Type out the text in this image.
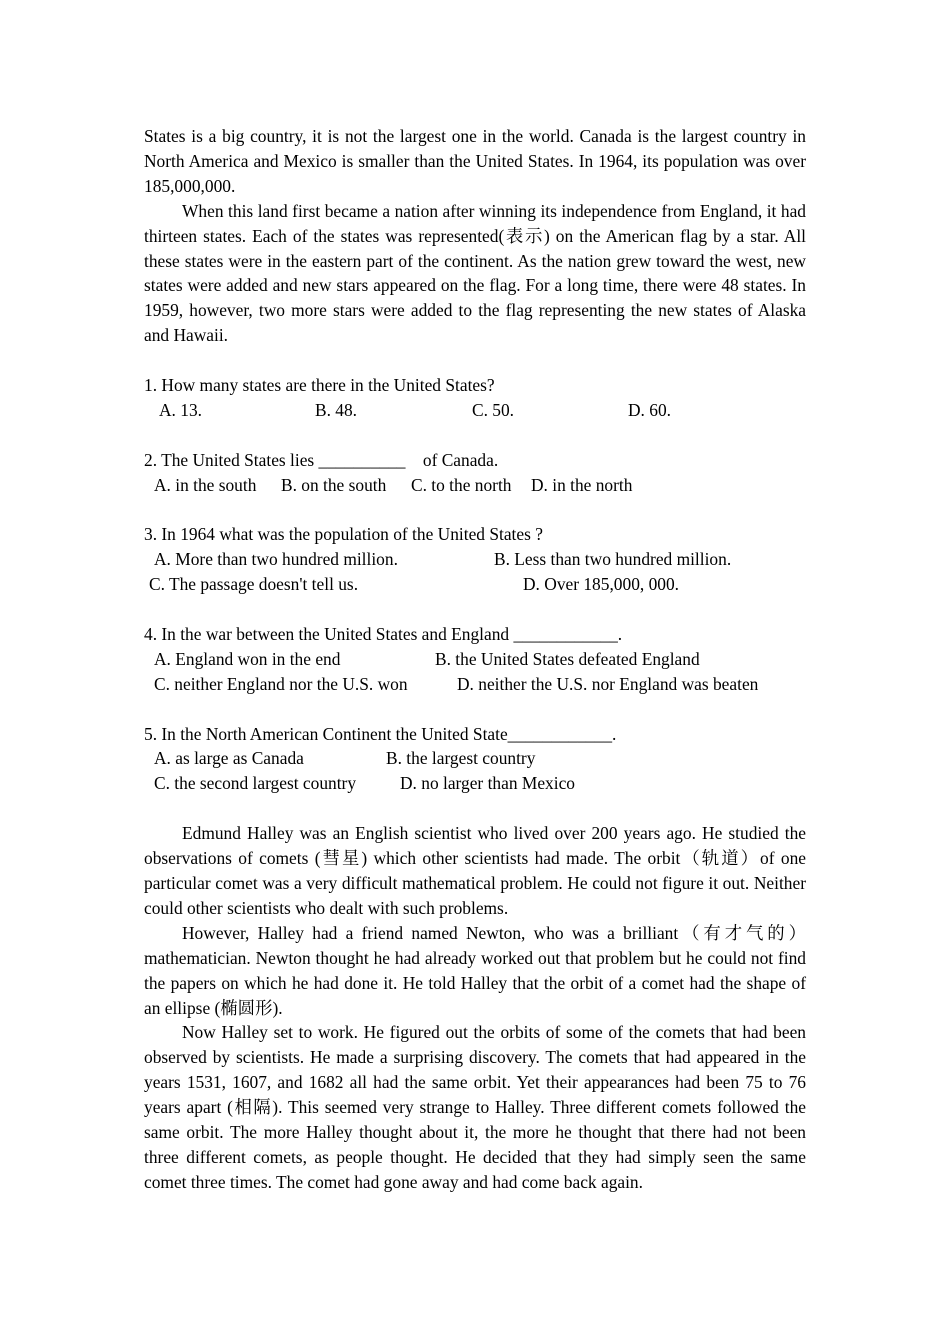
States is a big country, it is not the largest one in the world. Canada is the largest country in North America and Mexico is smaller than the United States. In 1964, its population was over 185,000,000.

When this land first became a nation after winning its independence from England, it had thirteen states. Each of the states was represented(表示) on the American flag by a star. All these states were in the eastern part of the continent. As the nation grew toward the west, new states were added and new stars appeared on the flag. For a long time, there were 48 states. In 1959, however, two more stars were added to the flag representing the new states of Alaska and Hawaii.

1. How many states are there in the United States?

A. 13.	B. 48.	C. 50.	D. 60.

2. The United States lies __________    of Canada.

A. in the south B. on the south C. to the north D. in the north

3. In 1964 what was the population of the United States ?

A. More than two hundred million.	B. Less than two hundred million.

C. The passage doesn't tell us.	D. Over 185,000, 000.

4. In the war between the United States and England ____________.

A. England won in the end	B. the United States defeated England

C. neither England nor the U.S. won	D. neither the U.S. nor England was beaten

5. In the North American Continent the United State____________.

A. as large as Canada	B. the largest country

C. the second largest country	D. no larger than Mexico

Edmund Halley was an English scientist who lived over 200 years ago. He studied the observations of comets (彗星) which other scientists had made. The orbit（轨道）of one particular comet was a very difficult mathematical problem. He could not figure it out. Neither could other scientists who dealt with such problems.

However, Halley had a friend named Newton, who was a brilliant（有才气的）mathematician. Newton thought he had already worked out that problem but he could not find the papers on which he had done it. He told Halley that the orbit of a comet had the shape of an ellipse (椭圆形).

Now Halley set to work. He figured out the orbits of some of the comets that had been observed by scientists. He made a surprising discovery. The comets that had appeared in the years 1531, 1607, and 1682 all had the same orbit. Yet their appearances had been 75 to 76 years apart (相隔). This seemed very strange to Halley. Three different comets followed the same orbit. The more Halley thought about it, the more he thought that there had not been three different comets, as people thought. He decided that they had simply seen the same comet three times. The comet had gone away and had come back again.
